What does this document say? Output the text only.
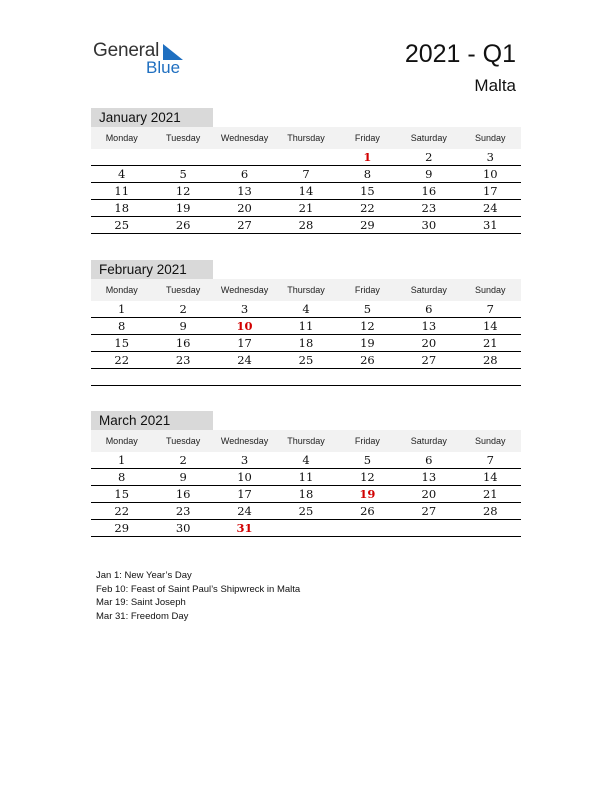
General
Blue	2021 - Q1
Malta
January 2021
Monday	Tuesday	Wednesday	Thursday	Friday	Saturday	Sunday
				1	2	3
4	5	6	7	8	9	10
11	12	13	14	15	16	17
18	19	20	21	22	23	24
25	26	27	28	29	30	31
February 2021
Monday	Tuesday	Wednesday	Thursday	Friday	Saturday	Sunday
1	2	3	4	5	6	7
8	9	10	11	12	13	14
15	16	17	18	19	20	21
22	23	24	25	26	27	28

March 2021
Monday	Tuesday	Wednesday	Thursday	Friday	Saturday	Sunday
1	2	3	4	5	6	7
8	9	10	11	12	13	14
15	16	17	18	19	20	21
22	23	24	25	26	27	28
29	30	31				
Jan 1: New Year’s Day
Feb 10: Feast of Saint Paul’s Shipwreck in Malta
Mar 19: Saint Joseph
Mar 31: Freedom Day
